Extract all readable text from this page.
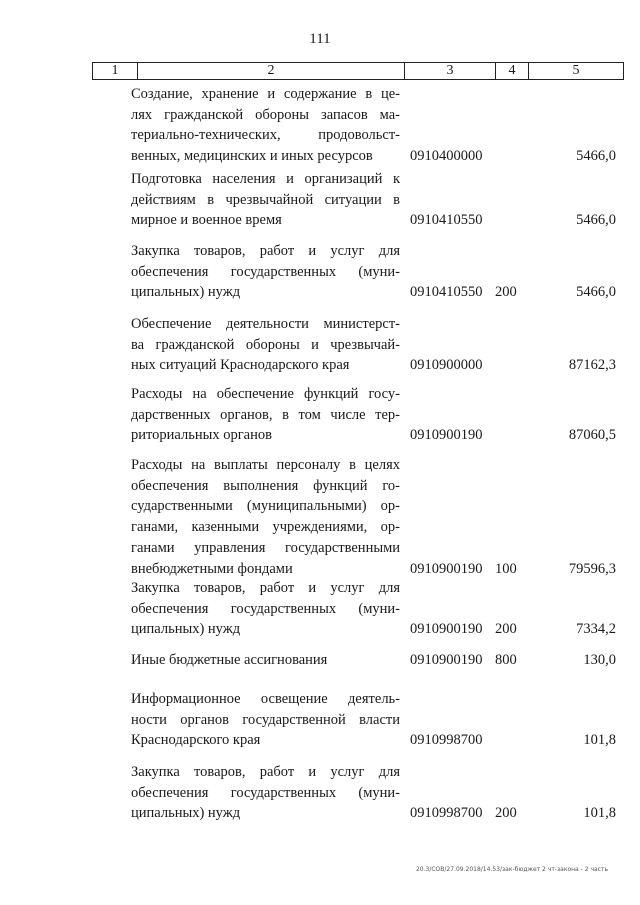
111
1	2	3	4	5
Создание, хранение и содержание в це-
лях гражданской обороны запасов ма-
териально-технических, продовольст-
венных, медицинских и иных ресурсов	0910400000	5466,0
Подготовка населения и организаций к
действиям в чрезвычайной ситуации в
мирное и военное время	0910410550	5466,0
Закупка товаров, работ и услуг для
обеспечения государственных (муни-
ципальных) нужд	0910410550 200	5466,0
Обеспечение деятельности министерст-
ва гражданской обороны и чрезвычай-
ных ситуаций Краснодарского края	0910900000	87162,3
Расходы на обеспечение функций госу-
дарственных органов, в том числе тер-
риториальных органов	0910900190	87060,5
Расходы на выплаты персоналу в целях
обеспечения выполнения функций го-
сударственными (муниципальными) ор-
ганами, казенными учреждениями, ор-
ганами управления государственными
внебюджетными фондами	0910900190 100	79596,3
Закупка товаров, работ и услуг для
обеспечения государственных (муни-
ципальных) нужд	0910900190 200	7334,2
Иные бюджетные ассигнования	0910900190 800	130,0
Информационное освещение деятель-
ности органов государственной власти
Краснодарского края	0910998700	101,8
Закупка товаров, работ и услуг для
обеспечения государственных (муни-
ципальных) нужд	0910998700 200	101,8
20.3/СОВ/27.09.2018/14.53/зак-бюджет 2 чт-закона - 2 часть
